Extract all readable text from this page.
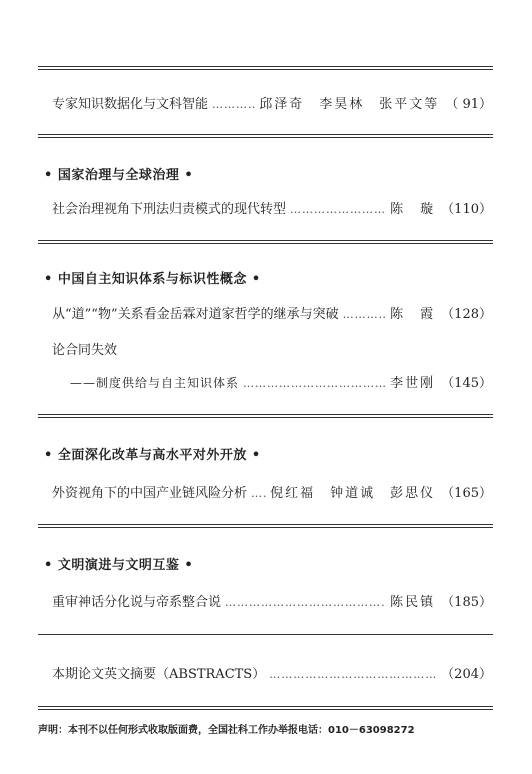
专家知识数据化与文科智能 ……………………………………………………………………………………………………………………………	邱泽奇　李昊林　张平文等 （ 91）
• 国家治理与全球治理 •
社会治理视角下刑法归责模式的现代转型 ……………………………………………………………………………………………………………………………	陈　璇 （110）
• 中国自主知识体系与标识性概念 •
从“道”“物”关系看金岳霖对道家哲学的继承与突破 ……………………………………………………………………………………………………………………………	陈　霞 （128）
论合同失效
——制度供给与自主知识体系 ……………………………………………………………………………………………………………………………	李世刚 （145）
• 全面深化改革与高水平对外开放 •
外资视角下的中国产业链风险分析 …………………………………………………………………………………………………………………………… 倪红福　钟道诚　彭思仪 （165）
• 文明演进与文明互鉴 •
重审神话分化说与帝系整合说 ……………………………………………………………………………………………………………………………	陈民镇 （185）
本期论文英文摘要（ABSTRACTS） ……………………………………………………………………………………………………………………………	（204）
声明：本刊不以任何形式收取版面费，全国社科工作办举报电话：010－63098272
